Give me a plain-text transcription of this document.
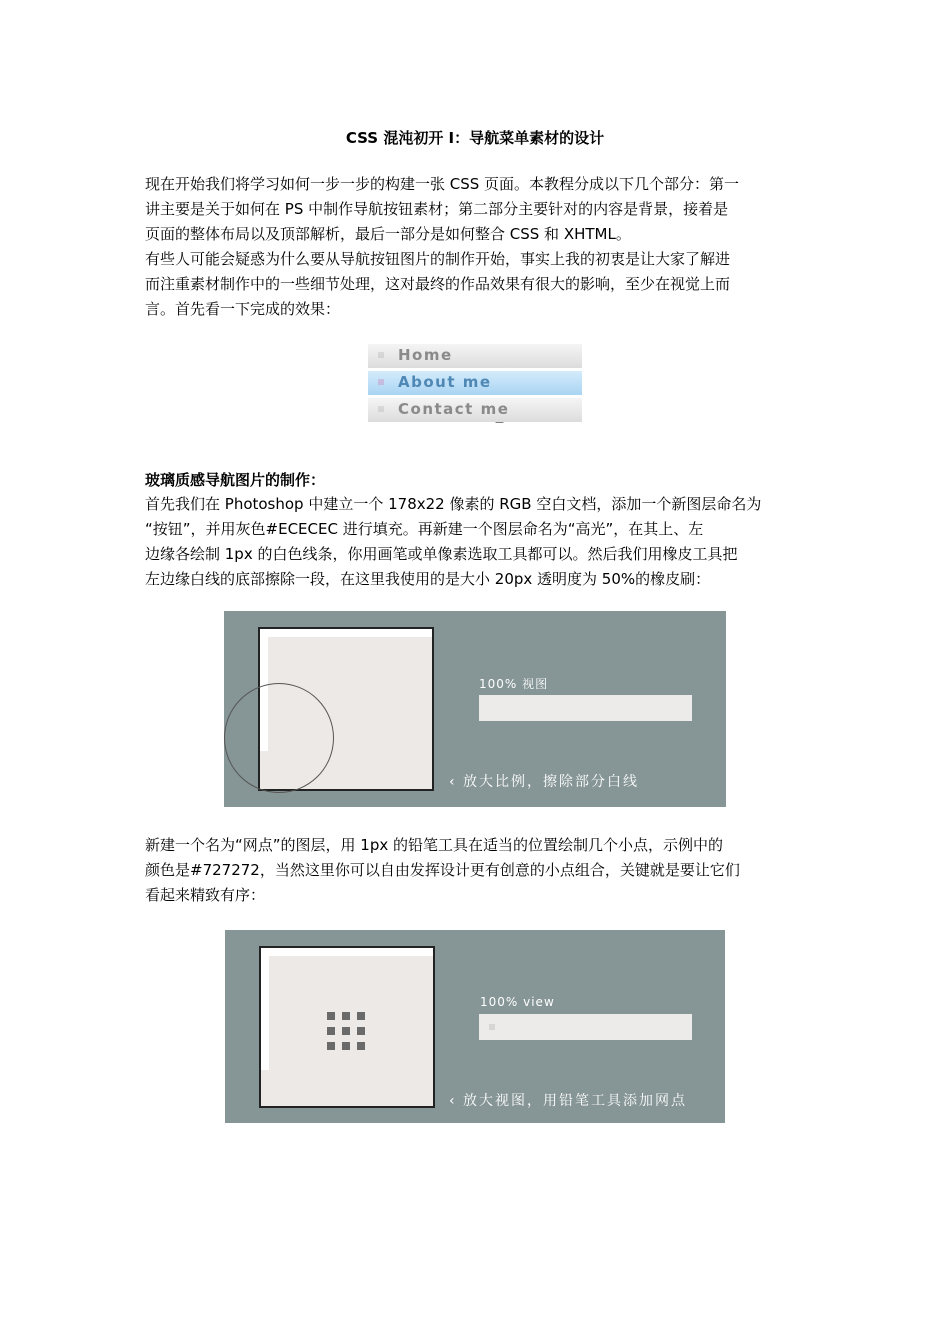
CSS 混沌初开 I：导航菜单素材的设计

现在开始我们将学习如何一步一步的构建一张 CSS 页面。本教程分成以下几个部分：第一

讲主要是关于如何在 PS 中制作导航按钮素材；第二部分主要针对的内容是背景，接着是

页面的整体布局以及顶部解析，最后一部分是如何整合 CSS 和 XHTML。

有些人可能会疑惑为什么要从导航按钮图片的制作开始，事实上我的初衷是让大家了解进

而注重素材制作中的一些细节处理，这对最终的作品效果有很大的影响，至少在视觉上而

言。首先看一下完成的效果：

Home
About me
Contact me
玻璃质感导航图片的制作：

首先我们在 Photoshop 中建立一个 178x22 像素的 RGB 空白文档，添加一个新图层命名为

“按钮”，并用灰色#ECECEC 进行填充。再新建一个图层命名为“高光”，在其上、左

边缘各绘制 1px 的白色线条，你用画笔或单像素选取工具都可以。然后我们用橡皮工具把

左边缘白线的底部擦除一段，在这里我使用的是大小 20px 透明度为 50%的橡皮刷：

100% 视图
‹ 放大比例，擦除部分白线

新建一个名为“网点”的图层，用 1px 的铅笔工具在适当的位置绘制几个小点，示例中的

颜色是#727272，当然这里你可以自由发挥设计更有创意的小点组合，关键就是要让它们

看起来精致有序：

100% view
‹ 放大视图，用铅笔工具添加网点
